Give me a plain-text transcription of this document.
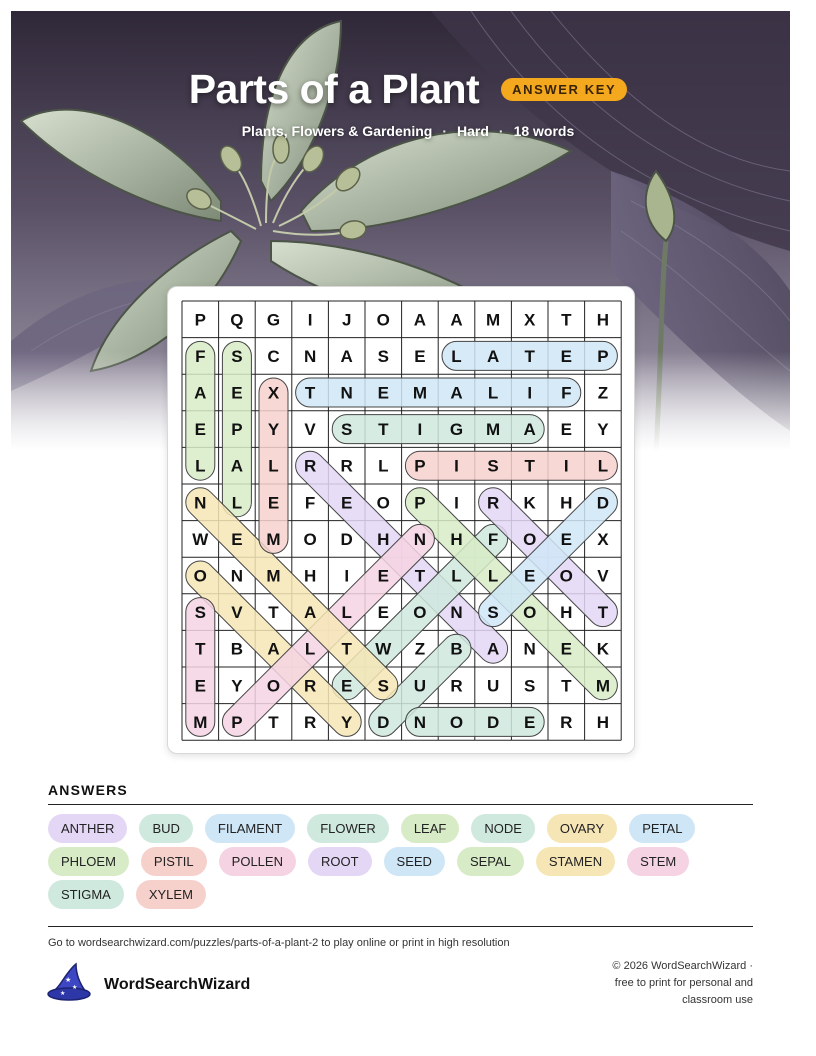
Parts of a Plant	ANSWER KEY
Plants, Flowers & Gardening · Hard · 18 words
P Q G I J O A A M X T H
F S C N A S E L A T E P
A E X T N E M A L I F Z
E P Y V S T I G M A E Y
L A L R R L P I S T I L
N L E F E O P I R K H D
W E M O D H N H F O E X
O N M H I E T L L E O V
S V T A L E O N S O H T
T B A L T W Z B A N E K
E Y O R E S U R U S T M
M P T R Y D N O D E R H
ANSWERS
ANTHER	BUD	FILAMENT	FLOWER	LEAF	NODE	OVARY	PETAL
PHLOEM	PISTIL	POLLEN	ROOT	SEED	SEPAL	STAMEN	STEM
STIGMA	XYLEM
Go to wordsearchwizard.com/puzzles/parts-of-a-plant-2 to play online or print in high resolution
★
★
★
WordSearchWizard
© 2026 WordSearchWizard ·
free to print for personal and
classroom use
